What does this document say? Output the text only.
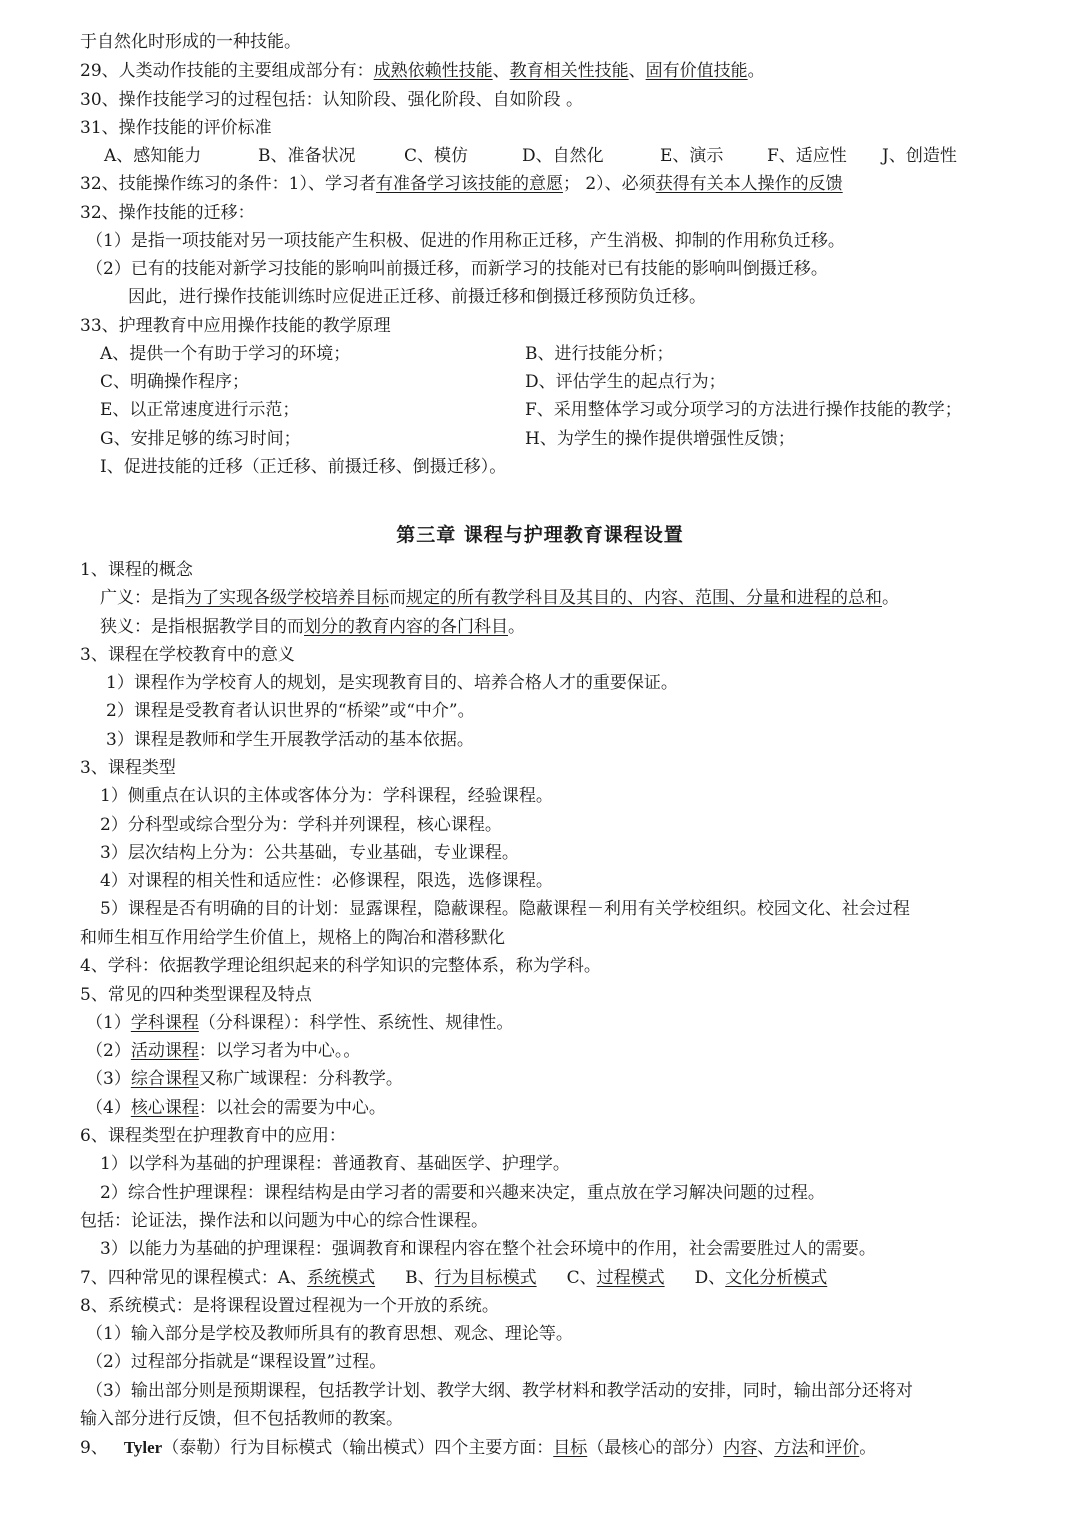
于自然化时形成的一种技能。
29、人类动作技能的主要组成部分有：成熟依赖性技能、教育相关性技能、固有价值技能。
30、操作技能学习的过程包括：认知阶段、强化阶段、自如阶段 。
31、操作技能的评价标准
A、感知能力	B、准备状况	C、模仿	D、自然化	E、演示	F、适应性 J、创造性
32、技能操作练习的条件：1）、学习者有准备学习该技能的意愿； 2）、必须获得有关本人操作的反馈
32、操作技能的迁移：
（1）是指一项技能对另一项技能产生积极、促进的作用称正迁移，产生消极、抑制的作用称负迁移。
（2）已有的技能对新学习技能的影响叫前摄迁移，而新学习的技能对已有技能的影响叫倒摄迁移。
因此，进行操作技能训练时应促进正迁移、前摄迁移和倒摄迁移预防负迁移。
33、护理教育中应用操作技能的教学原理
A、提供一个有助于学习的环境；	B、进行技能分析；
C、明确操作程序；	D、评估学生的起点行为；
E、以正常速度进行示范；	F、采用整体学习或分项学习的方法进行操作技能的教学；
G、安排足够的练习时间；	H、为学生的操作提供增强性反馈；
I、促进技能的迁移（正迁移、前摄迁移、倒摄迁移）。
第三章 课程与护理教育课程设置
1、课程的概念
广义：是指为了实现各级学校培养目标而规定的所有教学科目及其目的、内容、范围、分量和进程的总和。
狭义：是指根据教学目的而划分的教育内容的各门科目。
3、课程在学校教育中的意义
1）课程作为学校育人的规划，是实现教育目的、培养合格人才的重要保证。
2）课程是受教育者认识世界的“桥梁”或“中介”。
3）课程是教师和学生开展教学活动的基本依据。
3、课程类型
1）侧重点在认识的主体或客体分为：学科课程，经验课程。
2）分科型或综合型分为：学科并列课程，核心课程。
3）层次结构上分为：公共基础，专业基础，专业课程。
4）对课程的相关性和适应性：必修课程，限选，选修课程。
5）课程是否有明确的目的计划：显露课程，隐蔽课程。隐蔽课程－利用有关学校组织。校园文化、社会过程
和师生相互作用给学生价值上，规格上的陶冶和潜移默化
4、学科：依据教学理论组织起来的科学知识的完整体系，称为学科。
5、常见的四种类型课程及特点
（1）学科课程（分科课程）：科学性、系统性、规律性。
（2）活动课程：以学习者为中心。。
（3）综合课程又称广域课程：分科教学。
（4）核心课程：以社会的需要为中心。
6、课程类型在护理教育中的应用：
1）以学科为基础的护理课程：普通教育、基础医学、护理学。
2）综合性护理课程：课程结构是由学习者的需要和兴趣来决定，重点放在学习解决问题的过程。
包括：论证法，操作法和以问题为中心的综合性课程。
3）以能力为基础的护理课程：强调教育和课程内容在整个社会环境中的作用，社会需要胜过人的需要。
7、四种常见的课程模式：A、系统模式 B、行为目标模式 C、过程模式 D、文化分析模式
8、系统模式：是将课程设置过程视为一个开放的系统。
（1）输入部分是学校及教师所具有的教育思想、观念、理论等。
（2）过程部分指就是“课程设置”过程。
（3）输出部分则是预期课程，包括教学计划、教学大纲、教学材料和教学活动的安排，同时，输出部分还将对
输入部分进行反馈，但不包括教师的教案。
9、 Tyler（泰勒）行为目标模式（输出模式）四个主要方面：目标（最核心的部分）内容、方法和评价。
